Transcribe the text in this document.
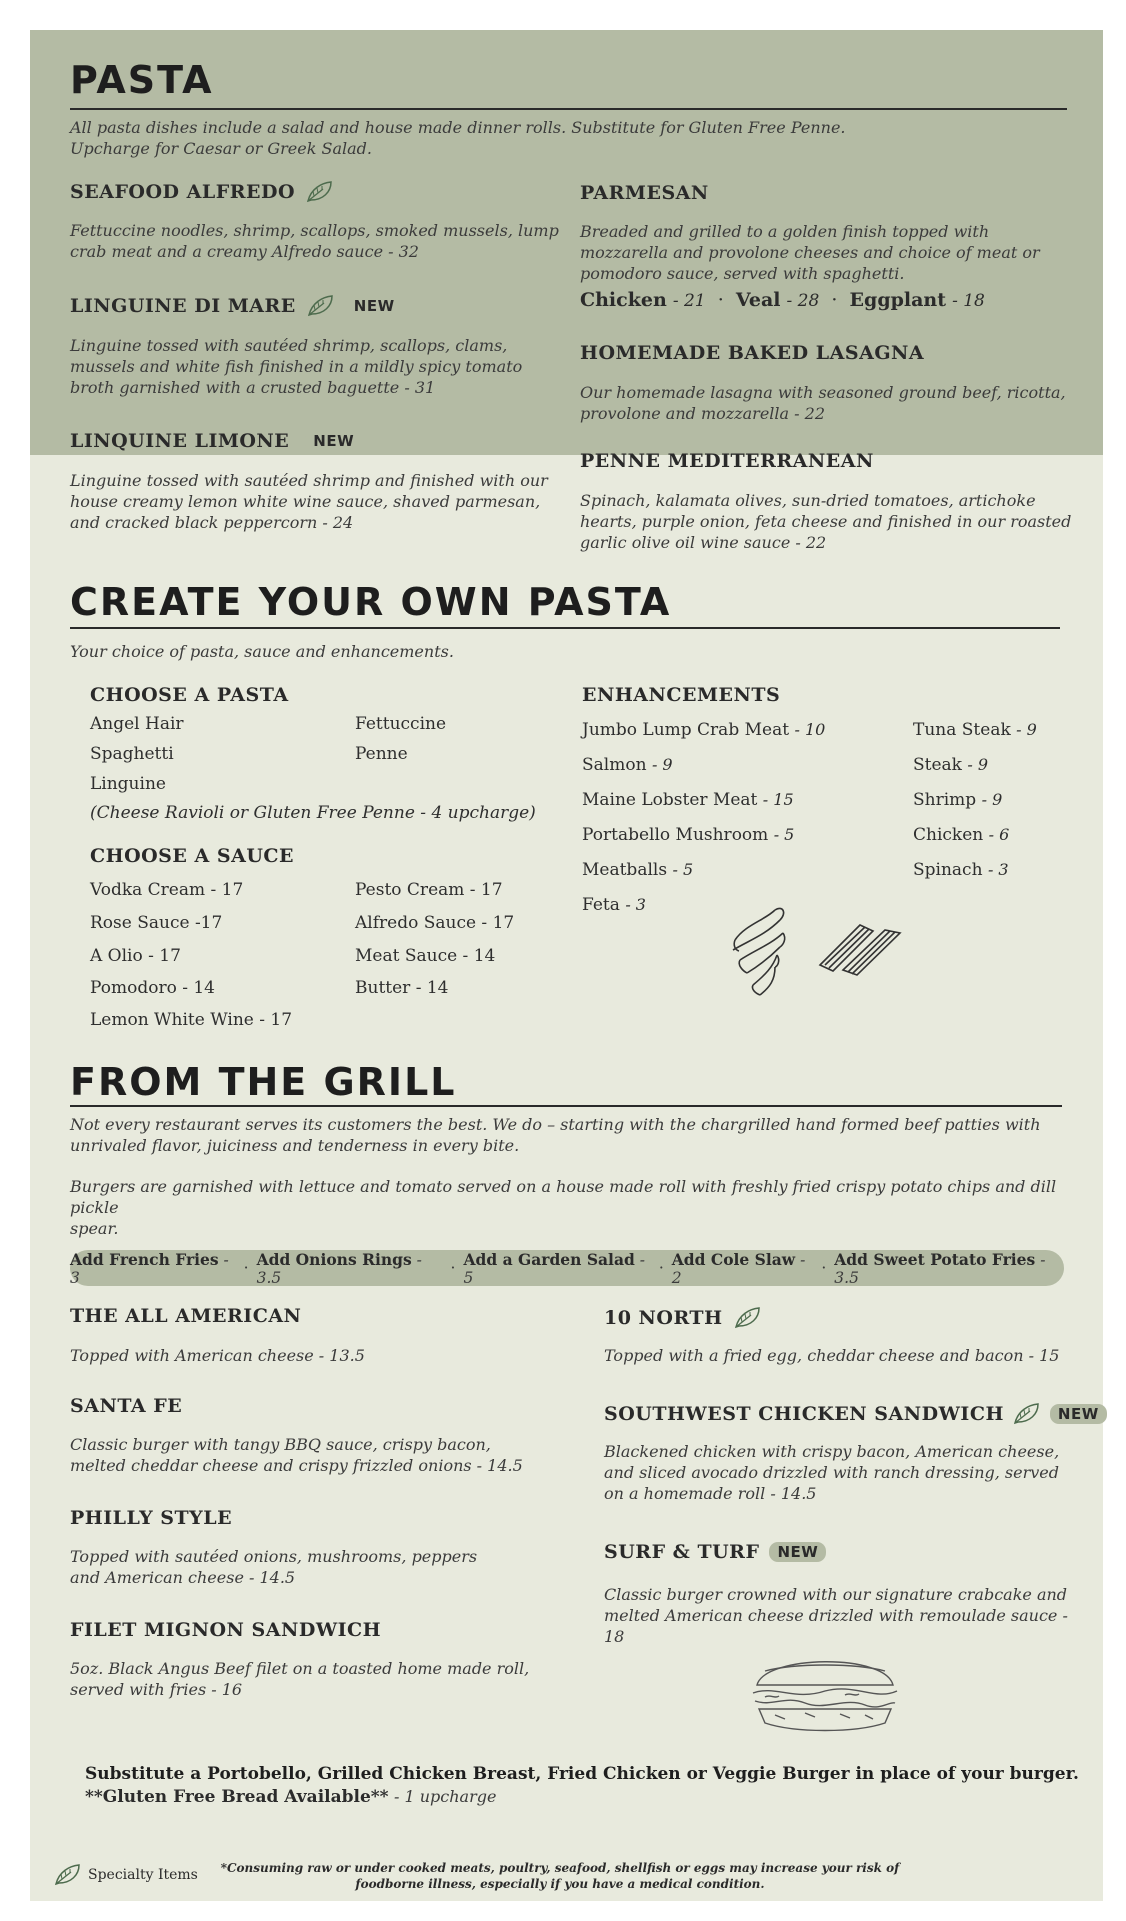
PASTA
All pasta dishes include a salad and house made dinner rolls. Substitute for Gluten Free Penne.
Upcharge for Caesar or Greek Salad.
SEAFOOD ALFREDO
Fettuccine noodles, shrimp, scallops, smoked mussels, lump crab meat and a creamy Alfredo sauce - 32
LINGUINE DI MARE	NEW
Linguine tossed with sautéed shrimp, scallops, clams, mussels and white fish finished in a mildly spicy tomato broth garnished with a crusted baguette - 31
LINQUINE LIMONE	NEW
Linguine tossed with sautéed shrimp and finished with our house creamy lemon white wine sauce, shaved parmesan, and cracked black peppercorn - 24
PARMESAN
Breaded and grilled to a golden finish topped with mozzarella and provolone cheeses and choice of meat or pomodoro sauce, served with spaghetti.
Chicken - 21 · Veal - 28 · Eggplant - 18
HOMEMADE BAKED LASAGNA
Our homemade lasagna with seasoned ground beef, ricotta, provolone and mozzarella - 22
PENNE MEDITERRANEAN
Spinach, kalamata olives, sun-dried tomatoes, artichoke hearts, purple onion, feta cheese and finished in our roasted garlic olive oil wine sauce - 22
CREATE YOUR OWN PASTA
Your choice of pasta, sauce and enhancements.
CHOOSE A PASTA
Angel Hair	Fettuccine
Spaghetti	Penne
Linguine
(Cheese Ravioli or Gluten Free Penne - 4 upcharge)
CHOOSE A SAUCE
Vodka Cream - 17	Pesto Cream - 17
Rose Sauce -17	Alfredo Sauce - 17
A Olio - 17	Meat Sauce - 14
Pomodoro - 14	Butter - 14
Lemon White Wine - 17
ENHANCEMENTS
Jumbo Lump Crab Meat - 10	Tuna Steak - 9
Salmon - 9	Steak - 9
Maine Lobster Meat - 15	Shrimp - 9
Portabello Mushroom - 5	Chicken - 6
Meatballs - 5	Spinach - 3
Feta - 3
FROM THE GRILL
Not every restaurant serves its customers the best. We do – starting with the chargrilled hand formed beef patties with
unrivaled flavor, juiciness and tenderness in every bite.
Burgers are garnished with lettuce and tomato served on a house made roll with freshly fried crispy potato chips and dill pickle
spear.
Add French Fries - 3
· Add Onions Rings - 3.5
· Add a Garden Salad - 5
· Add Cole Slaw - 2
· Add Sweet Potato Fries - 3.5
THE ALL AMERICAN
Topped with American cheese - 13.5
SANTA FE
Classic burger with tangy BBQ sauce, crispy bacon, melted cheddar cheese and crispy frizzled onions - 14.5
PHILLY STYLE
Topped with sautéed onions, mushrooms, peppers and American cheese - 14.5
FILET MIGNON SANDWICH
5oz. Black Angus Beef filet on a toasted home made roll, served with fries - 16
10 NORTH
Topped with a fried egg, cheddar cheese and bacon - 15
SOUTHWEST CHICKEN SANDWICH	NEW
Blackened chicken with crispy bacon, American cheese, and sliced avocado drizzled with ranch dressing, served on a homemade roll - 14.5
SURF & TURF	NEW
Classic burger crowned with our signature crabcake and melted American cheese drizzled with remoulade sauce - 18
Substitute a Portobello, Grilled Chicken Breast, Fried Chicken or Veggie Burger in place of your burger.
**Gluten Free Bread Available** - 1 upcharge
Specialty Items	*Consuming raw or under cooked meats, poultry, seafood, shellfish or eggs may increase your risk of
foodborne illness, especially if you have a medical condition.
